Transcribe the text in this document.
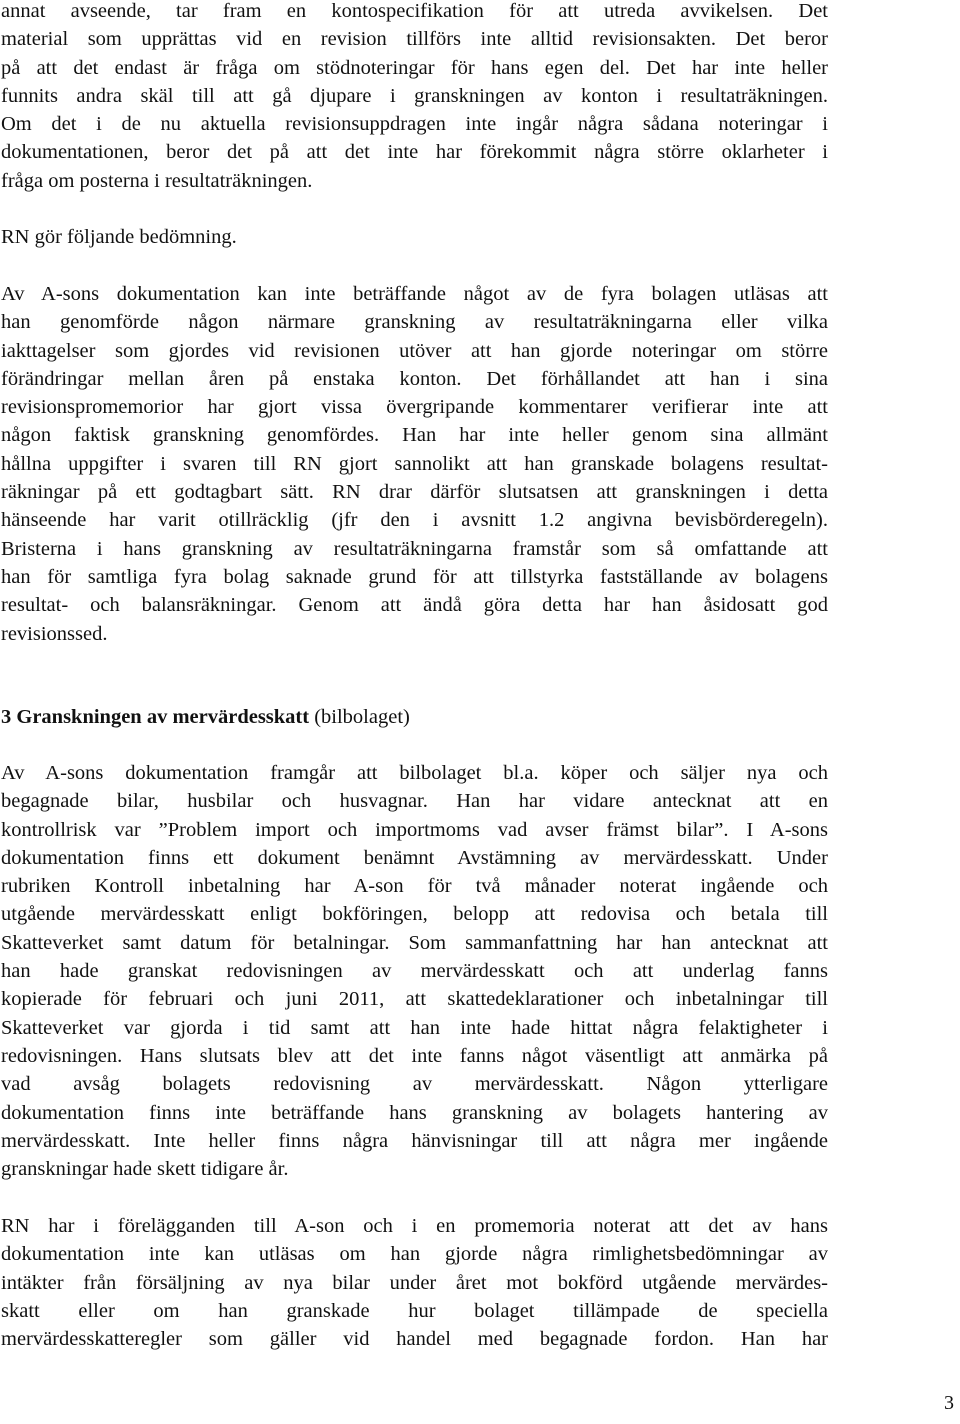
annat avseende, tar fram en kontospecifikation för att utreda avvikelsen. Det
material som upprättas vid en revision tillförs inte alltid revisionsakten. Det beror
på att det endast är fråga om stödnoteringar för hans egen del. Det har inte heller
funnits andra skäl till att gå djupare i granskningen av konton i resultaträkningen.
Om det i de nu aktuella revisionsuppdragen inte ingår några sådana noteringar i
dokumentationen, beror det på att det inte har förekommit några större oklarheter i
fråga om posterna i resultaträkningen.
RN gör följande bedömning.
Av A-sons dokumentation kan inte beträffande något av de fyra bolagen utläsas att
han genomförde någon närmare granskning av resultaträkningarna eller vilka
iakttagelser som gjordes vid revisionen utöver att han gjorde noteringar om större
förändringar mellan åren på enstaka konton. Det förhållandet att han i sina
revisionspromemorior har gjort vissa övergripande kommentarer verifierar inte att
någon faktisk granskning genomfördes. Han har inte heller genom sina allmänt
hållna uppgifter i svaren till RN gjort sannolikt att han granskade bolagens resultat-
räkningar på ett godtagbart sätt. RN drar därför slutsatsen att granskningen i detta
hänseende har varit otillräcklig (jfr den i avsnitt 1.2 angivna bevisbörderegeln).
Bristerna i hans granskning av resultaträkningarna framstår som så omfattande att
han för samtliga fyra bolag saknade grund för att tillstyrka fastställande av bolagens
resultat- och balansräkningar. Genom att ändå göra detta har han åsidosatt god
revisionssed.
3 Granskningen av mervärdesskatt (bilbolaget)
Av A-sons dokumentation framgår att bilbolaget bl.a. köper och säljer nya och
begagnade bilar, husbilar och husvagnar. Han har vidare antecknat att en
kontrollrisk var ”Problem import och importmoms vad avser främst bilar”. I A-sons
dokumentation finns ett dokument benämnt Avstämning av mervärdesskatt. Under
rubriken Kontroll inbetalning har A-son för två månader noterat ingående och
utgående mervärdesskatt enligt bokföringen, belopp att redovisa och betala till
Skatteverket samt datum för betalningar. Som sammanfattning har han antecknat att
han hade granskat redovisningen av mervärdesskatt och att underlag fanns
kopierade för februari och juni 2011, att skattedeklarationer och inbetalningar till
Skatteverket var gjorda i tid samt att han inte hade hittat några felaktigheter i
redovisningen. Hans slutsats blev att det inte fanns något väsentligt att anmärka på
vad avsåg bolagets redovisning av mervärdesskatt. Någon ytterligare
dokumentation finns inte beträffande hans granskning av bolagets hantering av
mervärdesskatt. Inte heller finns några hänvisningar till att några mer ingående
granskningar hade skett tidigare år.
RN har i förelägganden till A-son och i en promemoria noterat att det av hans
dokumentation inte kan utläsas om han gjorde några rimlighetsbedömningar av
intäkter från försäljning av nya bilar under året mot bokförd utgående mervärdes-
skatt eller om han granskade hur bolaget tillämpade de speciella
mervärdesskatteregler som gäller vid handel med begagnade fordon. Han har
3
